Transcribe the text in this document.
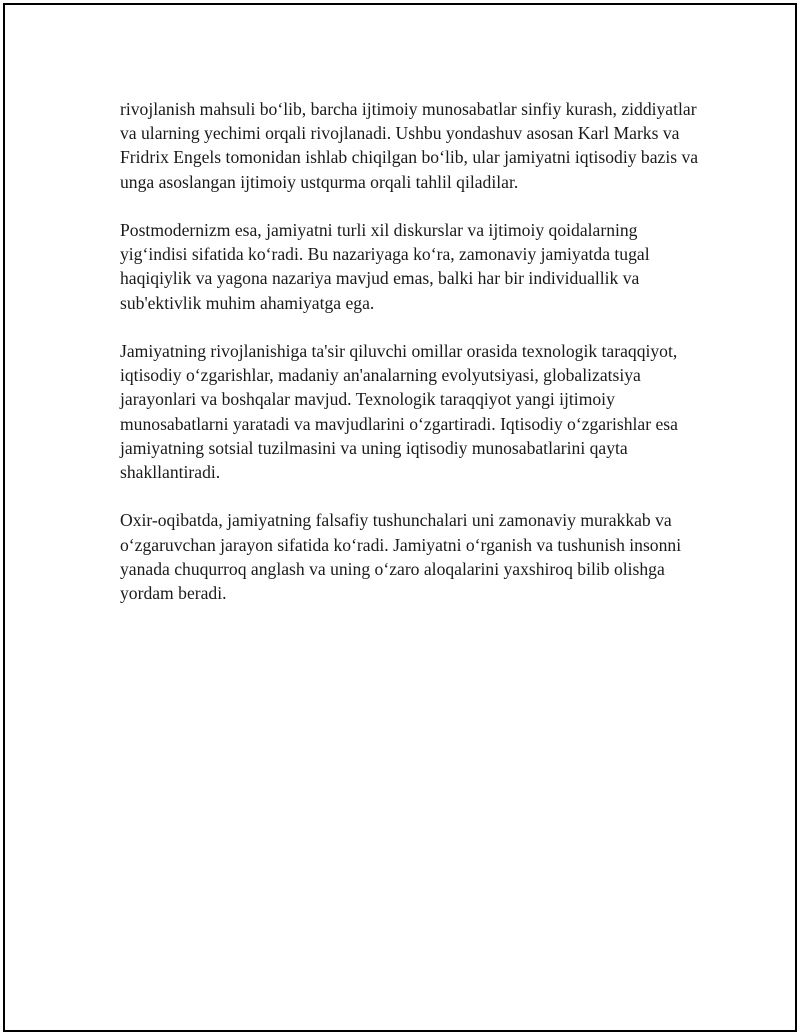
rivojlanish mahsuli bo‘lib, barcha ijtimoiy munosabatlar sinfiy kurash, ziddiyatlar va ularning yechimi orqali rivojlanadi. Ushbu yondashuv asosan Karl Marks va Fridrix Engels tomonidan ishlab chiqilgan bo‘lib, ular jamiyatni iqtisodiy bazis va unga asoslangan ijtimoiy ustqurma orqali tahlil qiladilar.

Postmodernizm esa, jamiyatni turli xil diskurslar va ijtimoiy qoidalarning yig‘indisi sifatida ko‘radi. Bu nazariyaga ko‘ra, zamonaviy jamiyatda tugal haqiqiylik va yagona nazariya mavjud emas, balki har bir individuallik va sub'ektivlik muhim ahamiyatga ega.

Jamiyatning rivojlanishiga ta'sir qiluvchi omillar orasida texnologik taraqqiyot, iqtisodiy o‘zgarishlar, madaniy an'analarning evolyutsiyasi, globalizatsiya jarayonlari va boshqalar mavjud. Texnologik taraqqiyot yangi ijtimoiy munosabatlarni yaratadi va mavjudlarini o‘zgartiradi. Iqtisodiy o‘zgarishlar esa jamiyatning sotsial tuzilmasini va uning iqtisodiy munosabatlarini qayta shakllantiradi.

Oxir-oqibatda, jamiyatning falsafiy tushunchalari uni zamonaviy murakkab va o‘zgaruvchan jarayon sifatida ko‘radi. Jamiyatni o‘rganish va tushunish insonni yanada chuqurroq anglash va uning o‘zaro aloqalarini yaxshiroq bilib olishga yordam beradi.
